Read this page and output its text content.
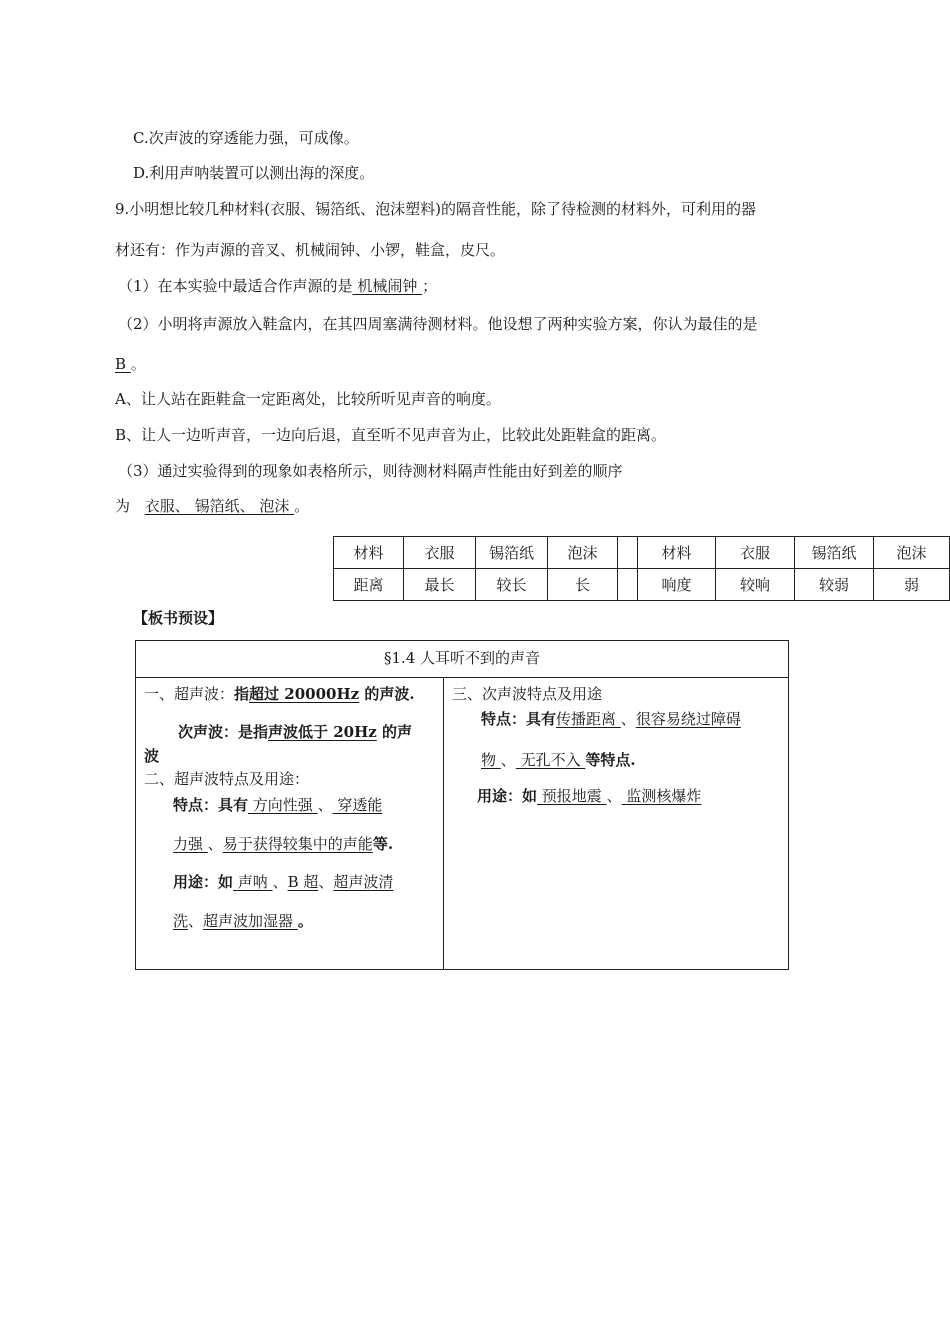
C.次声波的穿透能力强，可成像。
D.利用声呐装置可以测出海的深度。
9.小明想比较几种材料(衣服、锡箔纸、泡沫塑料)的隔音性能，除了待检测的材料外，可利用的器
材还有：作为声源的音叉、机械闹钟、小锣，鞋盒，皮尺。
（1）在本实验中最适合作声源的是 机械闹钟 ；
（2）小明将声源放入鞋盒内，在其四周塞满待测材料。他设想了两种实验方案，你认为最佳的是
B 。
A、让人站在距鞋盒一定距离处，比较所听见声音的响度。
B、让人一边听声音，一边向后退，直至听不见声音为止，比较此处距鞋盒的距离。
（3）通过实验得到的现象如表格所示，则待测材料隔声性能由好到差的顺序
为 衣服、 锡箔纸、 泡沫 。
材料	衣服	锡箔纸	泡沫		材料	衣服	锡箔纸	泡沫
距离	最长	较长	长		响度	较响	较弱	弱
【板书预设】
§1.4 人耳听不到的声音
一、超声波：指超过 20000Hz 的声波.
次声波：是指声波低于 20Hz 的声
波
二、超声波特点及用途：
特点：具有 方向性强 、 穿透能
力强 、易于获得较集中的声能等.
用途：如 声呐 、B 超、超声波清
洗、超声波加湿器 。
三、次声波特点及用途
特点：具有传播距离 、很容易绕过障碍
物 、 无孔不入 等特点.
用途：如 预报地震 、 监测核爆炸
